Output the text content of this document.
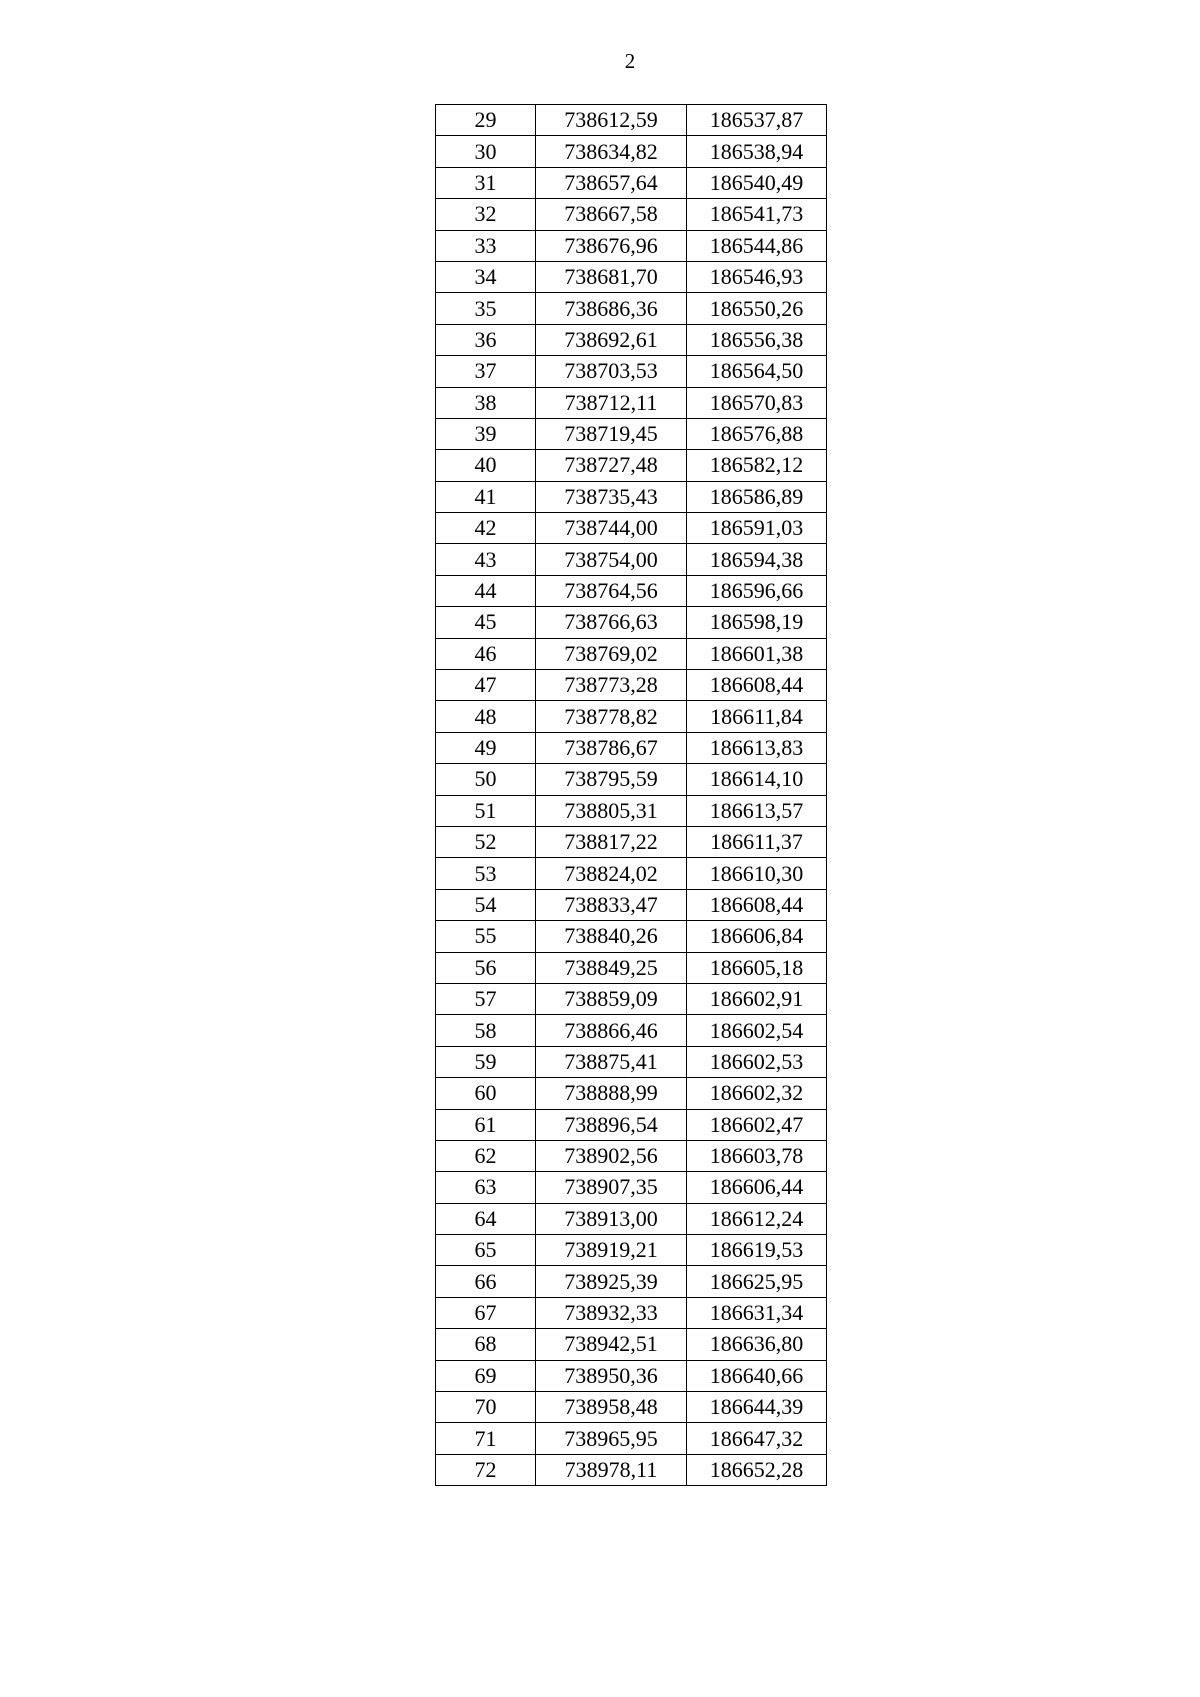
2
29	738612,59	186537,87
30	738634,82	186538,94
31	738657,64	186540,49
32	738667,58	186541,73
33	738676,96	186544,86
34	738681,70	186546,93
35	738686,36	186550,26
36	738692,61	186556,38
37	738703,53	186564,50
38	738712,11	186570,83
39	738719,45	186576,88
40	738727,48	186582,12
41	738735,43	186586,89
42	738744,00	186591,03
43	738754,00	186594,38
44	738764,56	186596,66
45	738766,63	186598,19
46	738769,02	186601,38
47	738773,28	186608,44
48	738778,82	186611,84
49	738786,67	186613,83
50	738795,59	186614,10
51	738805,31	186613,57
52	738817,22	186611,37
53	738824,02	186610,30
54	738833,47	186608,44
55	738840,26	186606,84
56	738849,25	186605,18
57	738859,09	186602,91
58	738866,46	186602,54
59	738875,41	186602,53
60	738888,99	186602,32
61	738896,54	186602,47
62	738902,56	186603,78
63	738907,35	186606,44
64	738913,00	186612,24
65	738919,21	186619,53
66	738925,39	186625,95
67	738932,33	186631,34
68	738942,51	186636,80
69	738950,36	186640,66
70	738958,48	186644,39
71	738965,95	186647,32
72	738978,11	186652,28
